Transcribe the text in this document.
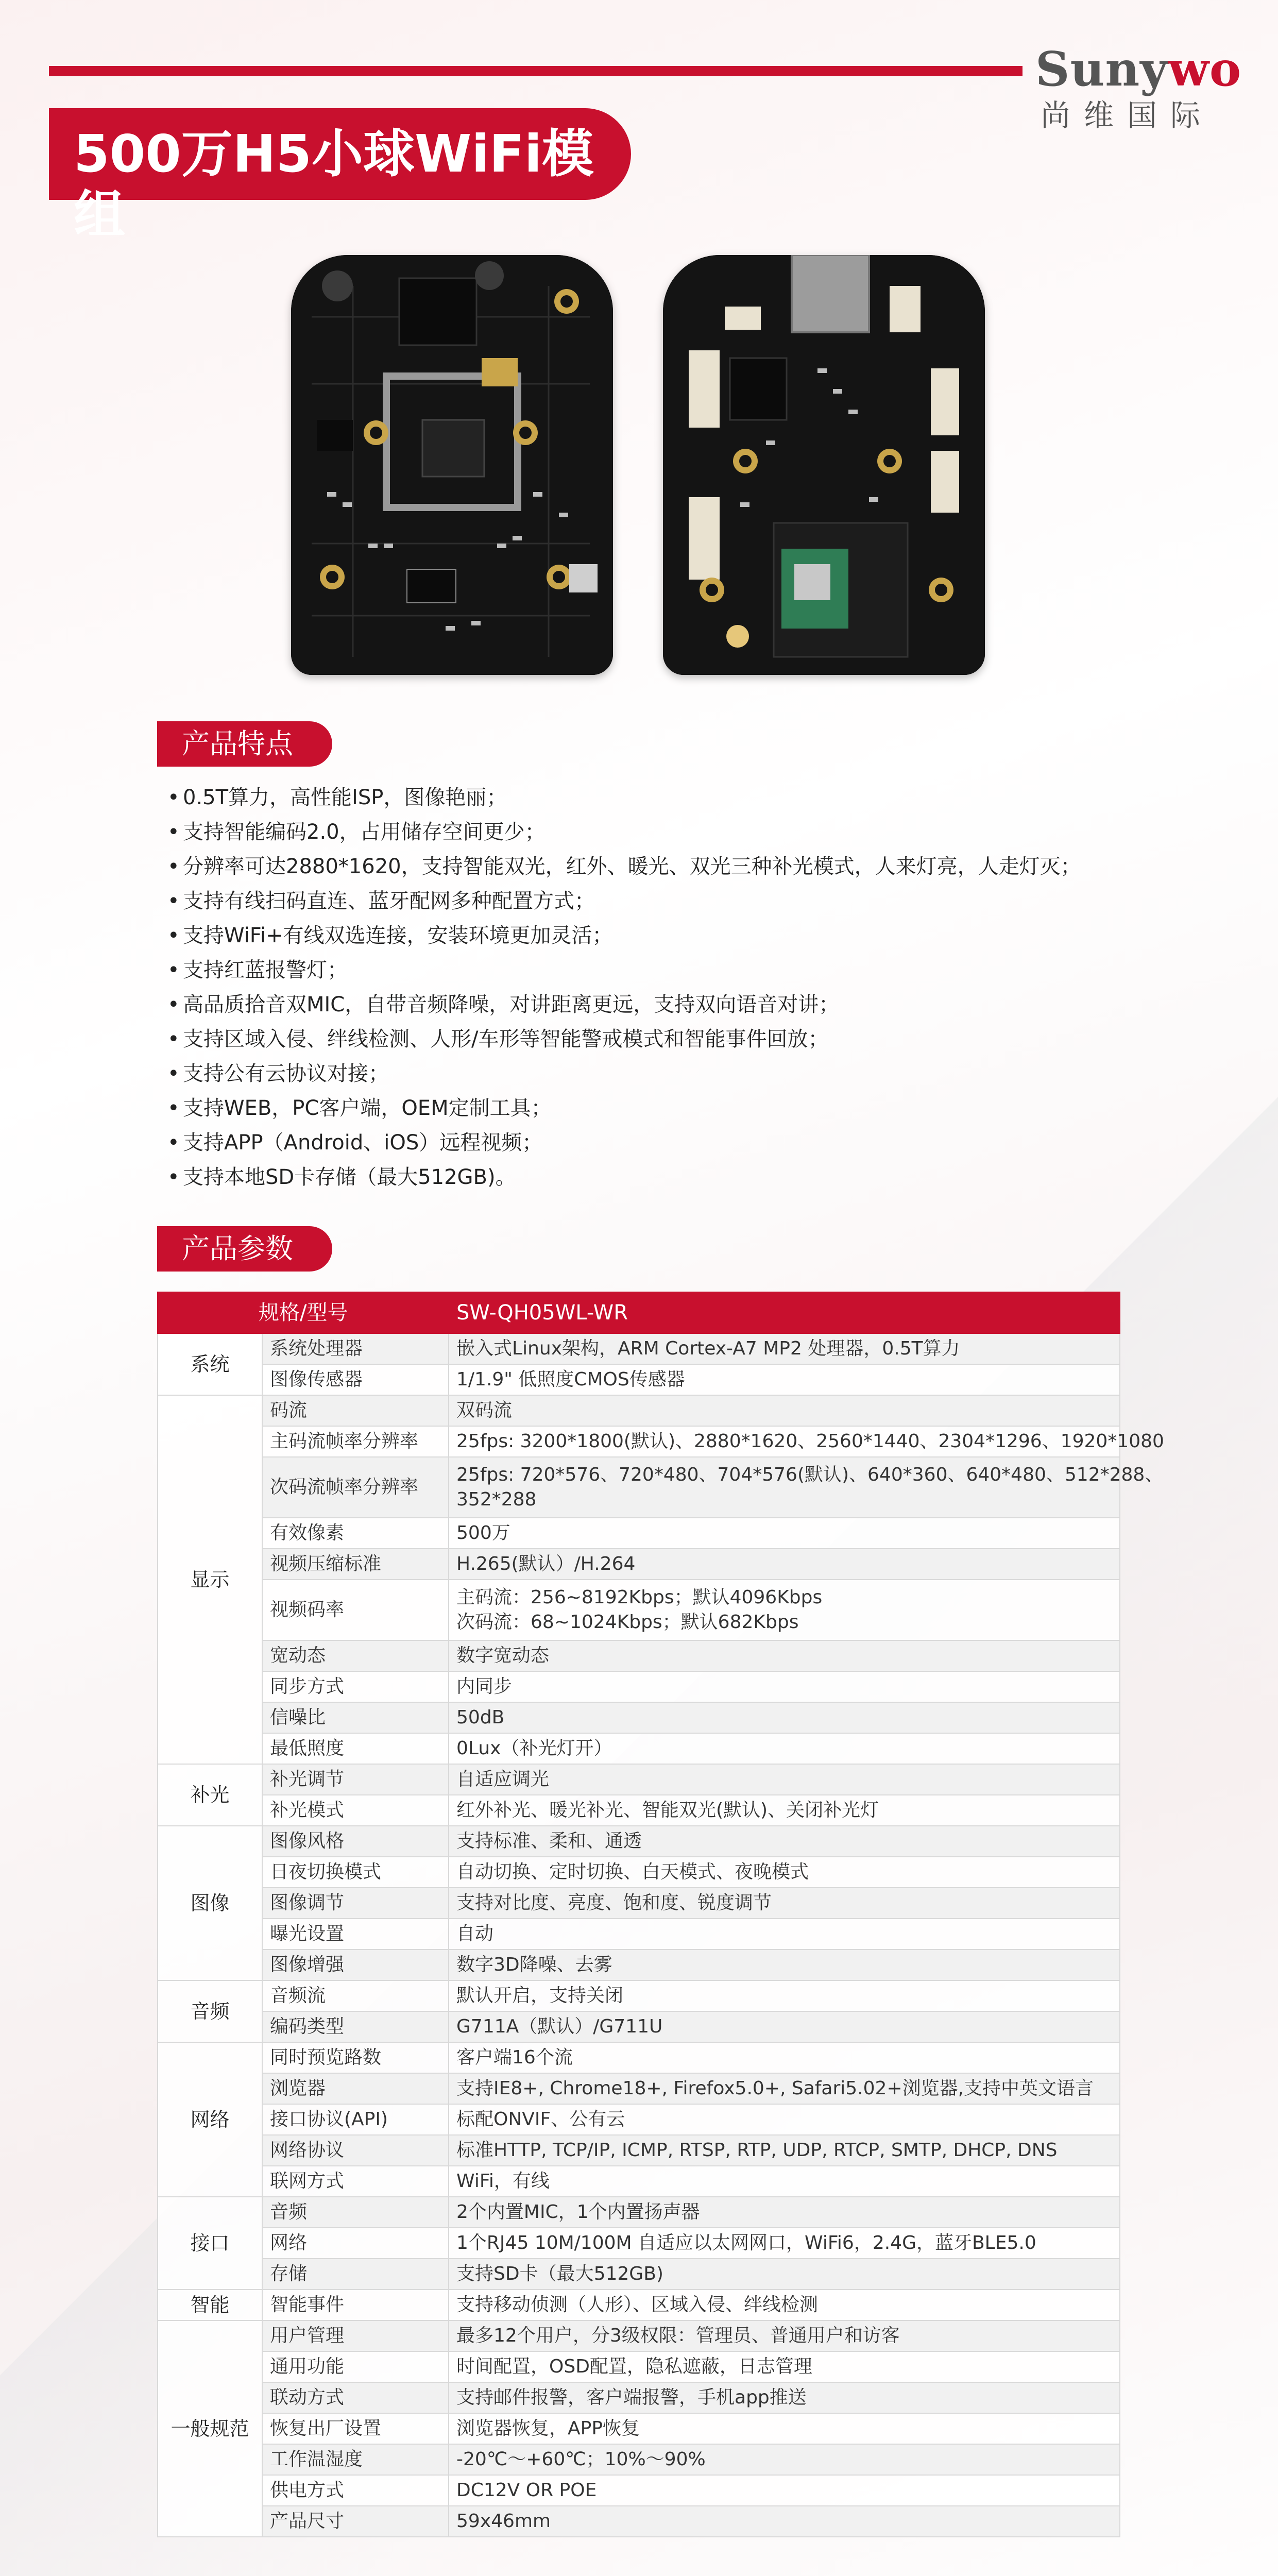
Sunywo
尚维国际
500万H5小球WiFi模组
产品特点
• 0.5T算力，高性能ISP，图像艳丽；
• 支持智能编码2.0，占用储存空间更少；
• 分辨率可达2880*1620，支持智能双光，红外、暖光、双光三种补光模式，人来灯亮，人走灯灭；
• 支持有线扫码直连、蓝牙配网多种配置方式；
• 支持WiFi+有线双选连接，安装环境更加灵活；
• 支持红蓝报警灯；
• 高品质拾音双MIC，自带音频降噪，对讲距离更远，支持双向语音对讲；
• 支持区域入侵、绊线检测、人形/车形等智能警戒模式和智能事件回放；
• 支持公有云协议对接；
• 支持WEB，PC客户端，OEM定制工具；
• 支持APP（Android、iOS）远程视频；
• 支持本地SD卡存储（最大512GB)。
产品参数
规格/型号		SW-QH05WL-WR
系统	系统处理器	嵌入式Linux架构，ARM Cortex-A7 MP2 处理器，0.5T算力

	图像传感器	1/1.9" 低照度CMOS传感器

显示	码流	双码流

	主码流帧率分辨率	25fps: 3200*1800(默认)、2880*1620、2560*1440、2304*1296、1920*1080

	次码流帧率分辨率	25fps: 720*576、720*480、704*576(默认)、640*360、640*480、512*288、
352*288

	有效像素	500万

	视频压缩标准	H.265(默认）/H.264

	视频码率	主码流：256~8192Kbps；默认4096Kbps
次码流：68~1024Kbps；默认682Kbps

	宽动态	数字宽动态

	同步方式	内同步

	信噪比	50dB

	最低照度	0Lux（补光灯开）

补光	补光调节	自适应调光

	补光模式	红外补光、暖光补光、智能双光(默认)、关闭补光灯

图像	图像风格	支持标准、柔和、通透

	日夜切换模式	自动切换、定时切换、白天模式、夜晚模式

	图像调节	支持对比度、亮度、饱和度、锐度调节

	曝光设置	自动

	图像增强	数字3D降噪、去雾

音频	音频流	默认开启，支持关闭

	编码类型	G711A（默认）/G711U

网络	同时预览路数	客户端16个流

	浏览器	支持IE8+, Chrome18+, Firefox5.0+, Safari5.02+浏览器,支持中英文语言

	接口协议(API)	标配ONVIF、公有云

	网络协议	标准HTTP, TCP/IP, ICMP, RTSP, RTP, UDP, RTCP, SMTP, DHCP, DNS

	联网方式	WiFi，有线

接口	音频	2个内置MIC，1个内置扬声器

	网络	1个RJ45 10M/100M 自适应以太网网口，WiFi6，2.4G，蓝牙BLE5.0

	存储	支持SD卡（最大512GB)

智能	智能事件	支持移动侦测（人形）、区域入侵、绊线检测

一般规范	用户管理	最多12个用户，分3级权限：管理员、普通用户和访客

	通用功能	时间配置，OSD配置，隐私遮蔽，日志管理

	联动方式	支持邮件报警，客户端报警，手机app推送

	恢复出厂设置	浏览器恢复，APP恢复

	工作温湿度	-20℃～+60℃；10%～90%

	供电方式	DC12V OR POE

	产品尺寸	59x46mm
